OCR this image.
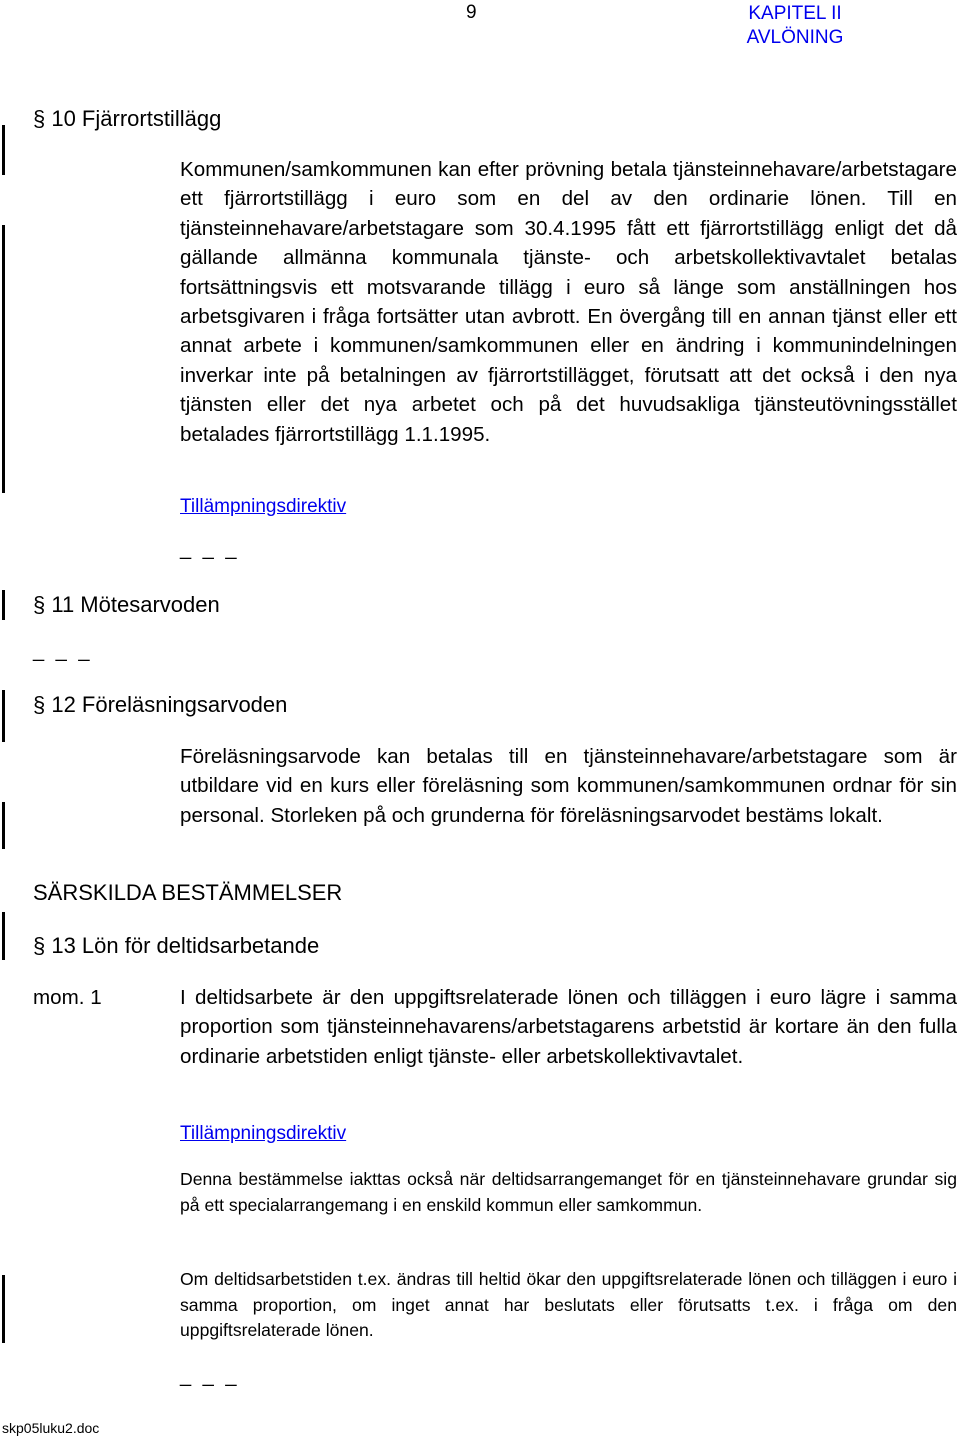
9	KAPITEL II
AVLÖNING
§ 10 Fjärrortstillägg
Kommunen/samkommunen kan efter prövning betala tjänsteinnehavare/arbetstagare ett fjärrortstillägg i euro som en del av den ordinarie lönen. Till en tjänsteinnehavare/arbetstagare som 30.4.1995 fått ett fjärrortstillägg enligt det då gällande allmänna kommunala tjänste- och arbetskollektivavtalet betalas fortsättningsvis ett motsvarande tillägg i euro så länge som anställningen hos arbetsgivaren i fråga fortsätter utan avbrott. En övergång till en annan tjänst eller ett annat arbete i kommunen/samkommunen eller en ändring i kommunindelningen inverkar inte på betalningen av fjärrortstillägget, förutsatt att det också i den nya tjänsten eller det nya arbetet och på det huvudsakliga tjänsteutövningsstället betalades fjärrortstillägg 1.1.1995.
Tillämpningsdirektiv
_ _ _
§ 11 Mötesarvoden
_ _ _
§ 12 Föreläsningsarvoden
Föreläsningsarvode kan betalas till en tjänsteinnehavare/arbetstagare som är utbildare vid en kurs eller föreläsning som kommunen/samkommunen ordnar för sin personal. Storleken på och grunderna för föreläsningsarvodet bestäms lokalt.
SÄRSKILDA BESTÄMMELSER
§ 13 Lön för deltidsarbetande
mom. 1	I deltidsarbete är den uppgiftsrelaterade lönen och tilläggen i euro lägre i samma proportion som tjänsteinnehavarens/arbetstagarens arbetstid är kortare än den fulla ordinarie arbetstiden enligt tjänste- eller arbetskollektivavtalet.
Tillämpningsdirektiv
Denna bestämmelse iakttas också när deltidsarrangemanget för en tjänsteinnehavare grundar sig på ett specialarrangemang i en enskild kommun eller samkommun.
Om deltidsarbetstiden t.ex. ändras till heltid ökar den uppgiftsrelaterade lönen och tilläggen i euro i samma proportion, om inget annat har beslutats eller förutsatts t.ex. i fråga om den uppgiftsrelaterade lönen.
_ _ _
skp05luku2.doc
